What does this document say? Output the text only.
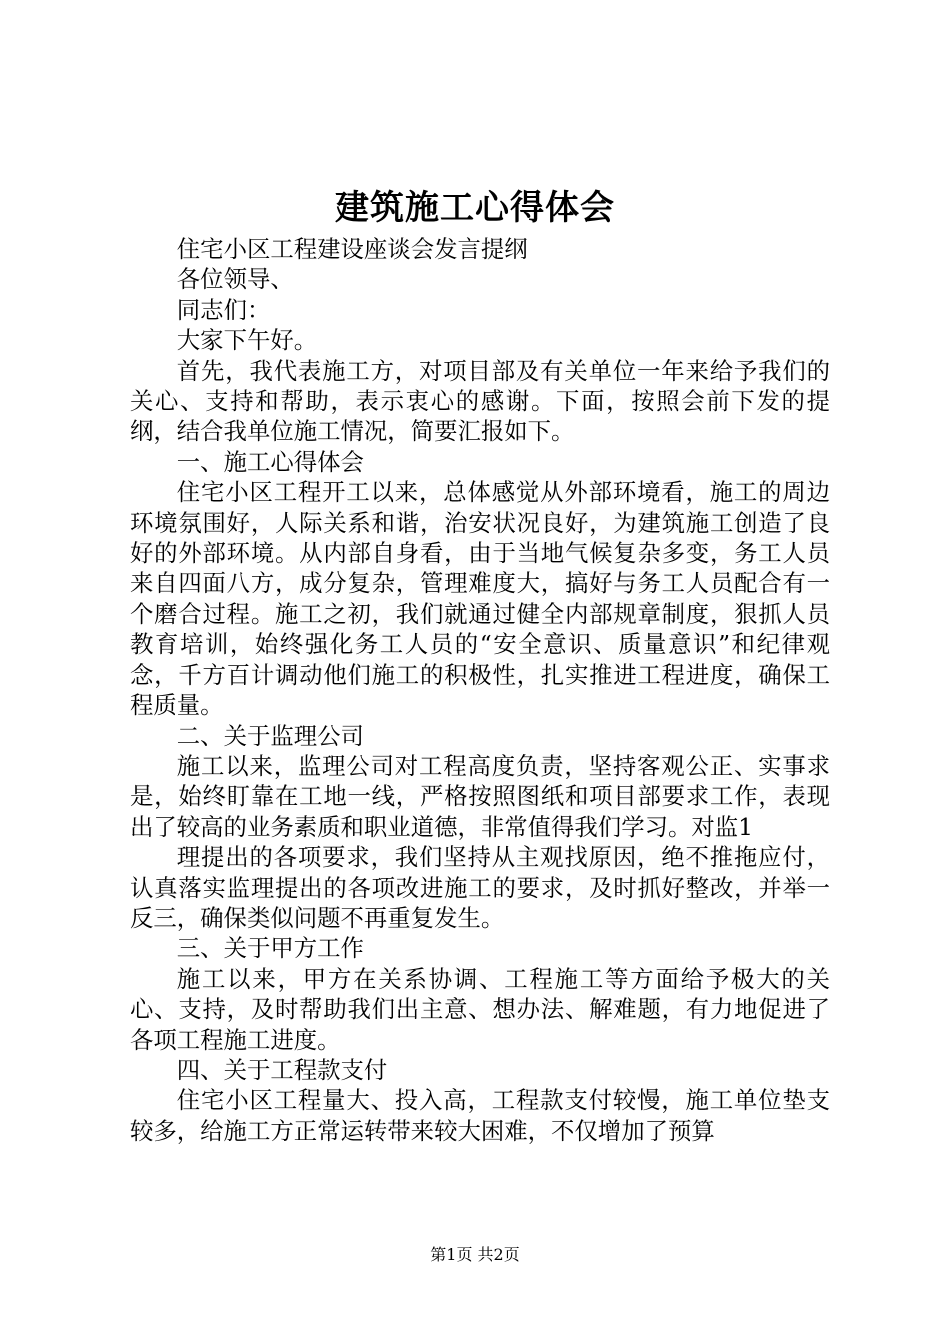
建筑施工心得体会

住宅小区工程建设座谈会发言提纲

各位领导、

同志们：

大家下午好。

首先，我代表施工方，对项目部及有关单位一年来给予我们的关心、支持和帮助，表示衷心的感谢。下面，按照会前下发的提纲，结合我单位施工情况，简要汇报如下。

一、施工心得体会

住宅小区工程开工以来，总体感觉从外部环境看，施工的周边环境氛围好，人际关系和谐，治安状况良好，为建筑施工创造了良好的外部环境。从内部自身看，由于当地气候复杂多变，务工人员来自四面八方，成分复杂，管理难度大，搞好与务工人员配合有一个磨合过程。施工之初，我们就通过健全内部规章制度，狠抓人员教育培训，始终强化务工人员的“安全意识、质量意识”和纪律观念，千方百计调动他们施工的积极性，扎实推进工程进度，确保工程质量。

二、关于监理公司

施工以来，监理公司对工程高度负责，坚持客观公正、实事求是，始终盯靠在工地一线，严格按照图纸和项目部要求工作，表现出了较高的业务素质和职业道德，非常值得我们学习。对监1

理提出的各项要求，我们坚持从主观找原因，绝不推拖应付，认真落实监理提出的各项改进施工的要求，及时抓好整改，并举一反三，确保类似问题不再重复发生。

三、关于甲方工作

施工以来，甲方在关系协调、工程施工等方面给予极大的关心、支持，及时帮助我们出主意、想办法、解难题，有力地促进了各项工程施工进度。

四、关于工程款支付

住宅小区工程量大、投入高，工程款支付较慢，施工单位垫支较多，给施工方正常运转带来较大困难，不仅增加了预算

第1页 共2页
